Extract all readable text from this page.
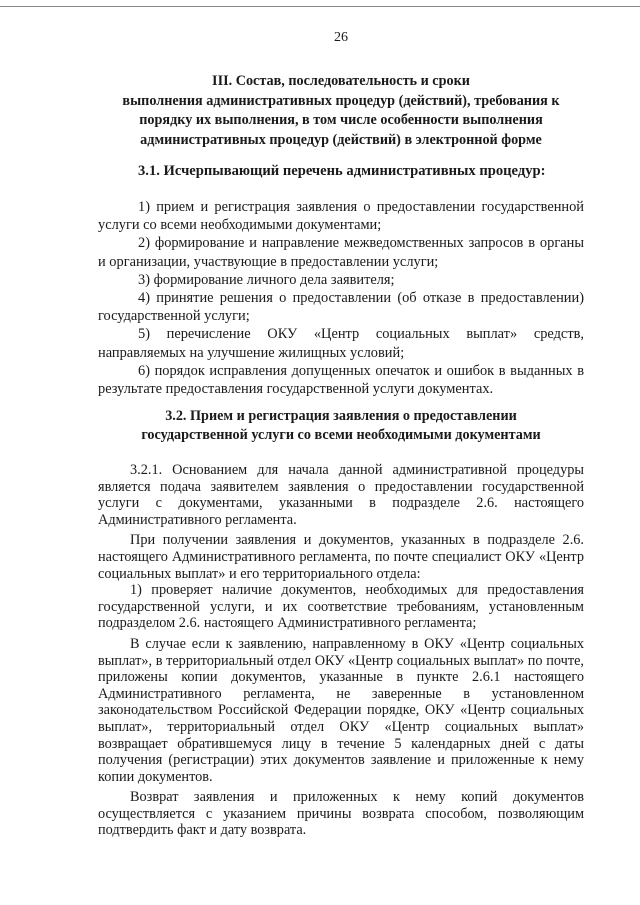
26
III. Состав, последовательность и сроки
выполнения административных процедур (действий), требования к
порядку их выполнения, в том числе особенности выполнения
административных процедур (действий) в электронной форме
3.1. Исчерпывающий перечень административных процедур:

1) прием и регистрация заявления о предоставлении государственной услуги со всеми необходимыми документами;

2) формирование и направление межведомственных запросов в органы и организации, участвующие в предоставлении услуги;

3) формирование личного дела заявителя;

4) принятие решения о предоставлении (об отказе в предоставлении) государственной услуги;

5) перечисление ОКУ «Центр социальных выплат» средств, направляемых на улучшение жилищных условий;

6) порядок исправления допущенных опечаток и ошибок в выданных в результате предоставления государственной услуги документах.

3.2. Прием и регистрация заявления о предоставлении
государственной услуги со всеми необходимыми документами

3.2.1. Основанием для начала данной административной процедуры является подача заявителем заявления о предоставлении государственной услуги с документами, указанными в подразделе 2.6. настоящего Административного регламента.

При получении заявления и документов, указанных в подразделе 2.6. настоящего Административного регламента, по почте специалист ОКУ «Центр социальных выплат» и его территориального отдела:

1) проверяет наличие документов, необходимых для предоставления государственной услуги, и их соответствие требованиям, установленным подразделом 2.6. настоящего Административного регламента;

В случае если к заявлению, направленному в ОКУ «Центр социальных выплат», в территориальный отдел ОКУ «Центр социальных выплат» по почте, приложены копии документов, указанные в пункте 2.6.1 настоящего Административного регламента, не заверенные в установленном законодательством Российской Федерации порядке, ОКУ «Центр социальных выплат», территориальный отдел ОКУ «Центр социальных выплат» возвращает обратившемуся лицу в течение 5 календарных дней с даты получения (регистрации) этих документов заявление и приложенные к нему копии документов.

Возврат заявления и приложенных к нему копий документов осуществляется с указанием причины возврата способом, позволяющим подтвердить факт и дату возврата.
